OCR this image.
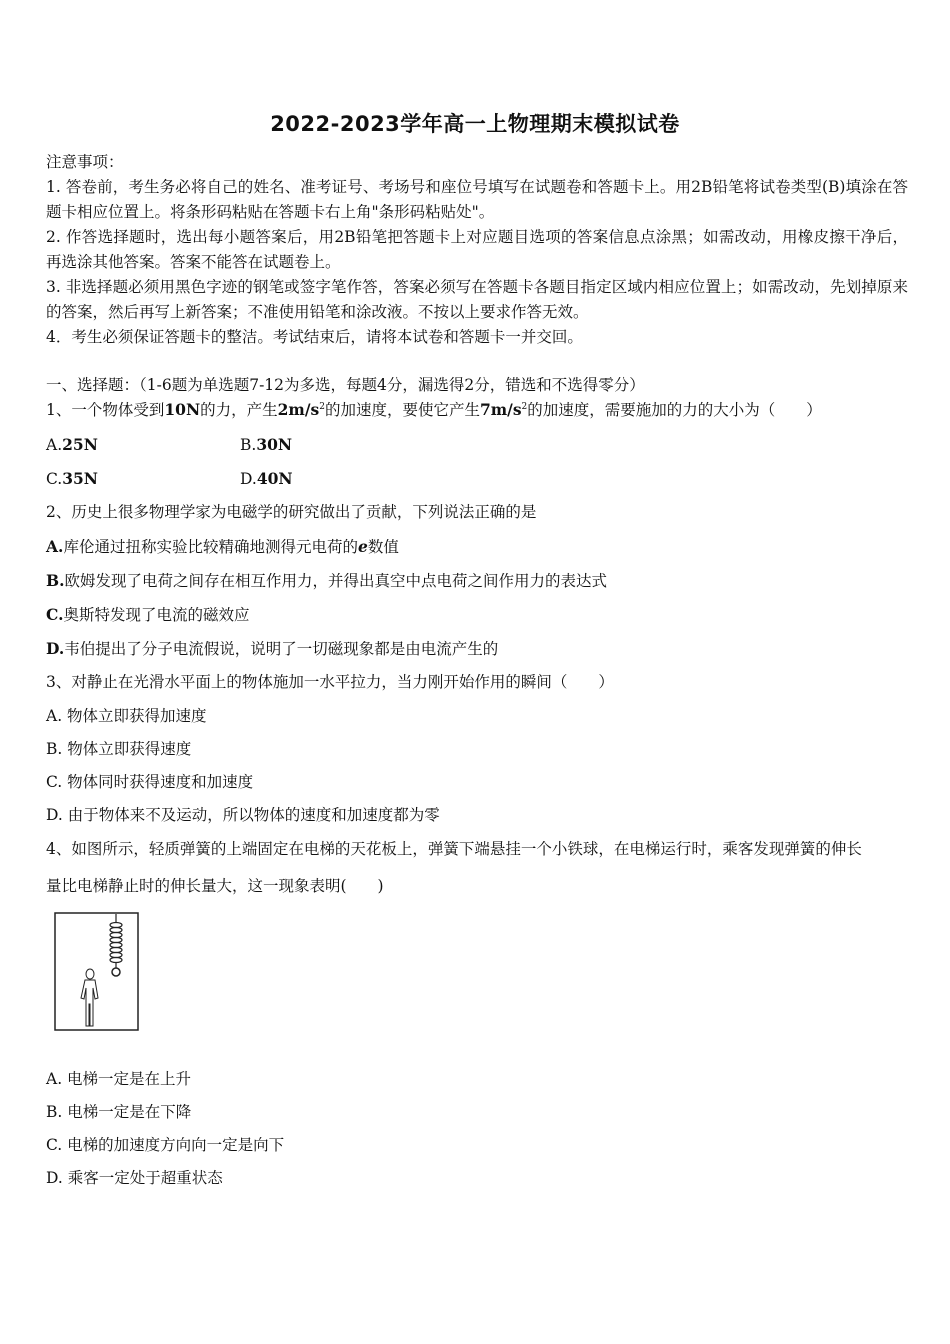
2022-2023学年高一上物理期末模拟试卷

注意事项：

1. 答卷前，考生务必将自己的姓名、准考证号、考场号和座位号填写在试题卷和答题卡上。用2B铅笔将试卷类型(B)填涂在答题卡相应位置上。将条形码粘贴在答题卡右上角"条形码粘贴处"。

2. 作答选择题时，选出每小题答案后，用2B铅笔把答题卡上对应题目选项的答案信息点涂黑；如需改动，用橡皮擦干净后，再选涂其他答案。答案不能答在试题卷上。

3. 非选择题必须用黑色字迹的钢笔或签字笔作答，答案必须写在答题卡各题目指定区域内相应位置上；如需改动，先划掉原来的答案，然后再写上新答案；不准使用铅笔和涂改液。不按以上要求作答无效。

4．考生必须保证答题卡的整洁。考试结束后，请将本试卷和答题卡一并交回。

一、选择题：（1-6题为单选题7-12为多选，每题4分，漏选得2分，错选和不选得零分）
1、一个物体受到10N的力，产生$2m/s^2$的加速度，要使它产生$7m/s^2$的加速度，需要施加的力的大小为（　　）
A.25N	B.30N
C.35N	D.40N
2、历史上很多物理学家为电磁学的研究做出了贡献，下列说法正确的是
A.库伦通过扭称实验比较精确地测得元电荷的e数值
B.欧姆发现了电荷之间存在相互作用力，并得出真空中点电荷之间作用力的表达式
C.奥斯特发现了电流的磁效应
D.韦伯提出了分子电流假说，说明了一切磁现象都是由电流产生的
3、对静止在光滑水平面上的物体施加一水平拉力，当力刚开始作用的瞬间（　　）
A. 物体立即获得加速度
B. 物体立即获得速度
C. 物体同时获得速度和加速度
D. 由于物体来不及运动，所以物体的速度和加速度都为零
4、如图所示，轻质弹簧的上端固定在电梯的天花板上，弹簧下端悬挂一个小铁球，在电梯运行时，乘客发现弹簧的伸长
量比电梯静止时的伸长量大，这一现象表明(　　)
A. 电梯一定是在上升
B. 电梯一定是在下降
C. 电梯的加速度方向向一定是向下
D. 乘客一定处于超重状态
